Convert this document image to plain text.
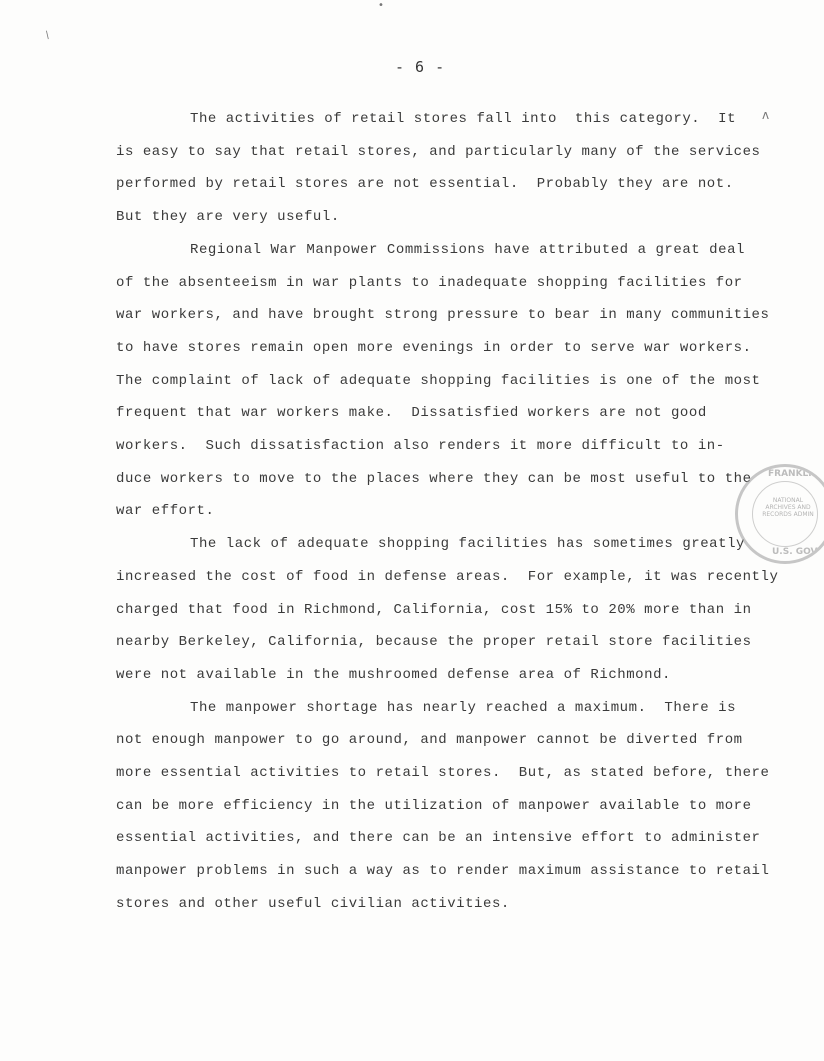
•
/
ʌ
- 6 -
The activities of retail stores fall into  this category.  It
is easy to say that retail stores, and particularly many of the services
performed by retail stores are not essential.  Probably they are not.
But they are very useful.
Regional War Manpower Commissions have attributed a great deal
of the absenteeism in war plants to inadequate shopping facilities for
war workers, and have brought strong pressure to bear in many communities
to have stores remain open more evenings in order to serve war workers.
The complaint of lack of adequate shopping facilities is one of the most
frequent that war workers make.  Dissatisfied workers are not good
workers.  Such dissatisfaction also renders it more difficult to in-
duce workers to move to the places where they can be most useful to the
war effort.
The lack of adequate shopping facilities has sometimes greatly
increased the cost of food in defense areas.  For example, it was recently
charged that food in Richmond, California, cost 15% to 20% more than in
nearby Berkeley, California, because the proper retail store facilities
were not available in the mushroomed defense area of Richmond.
The manpower shortage has nearly reached a maximum.  There is
not enough manpower to go around, and manpower cannot be diverted from
more essential activities to retail stores.  But, as stated before, there
can be more efficiency in the utilization of manpower available to more
essential activities, and there can be an intensive effort to administer
manpower problems in such a way as to render maximum assistance to retail
stores and other useful civilian activities.
FRANKLIN
NATIONAL ARCHIVES AND RECORDS ADMIN
U.S. GOVT
